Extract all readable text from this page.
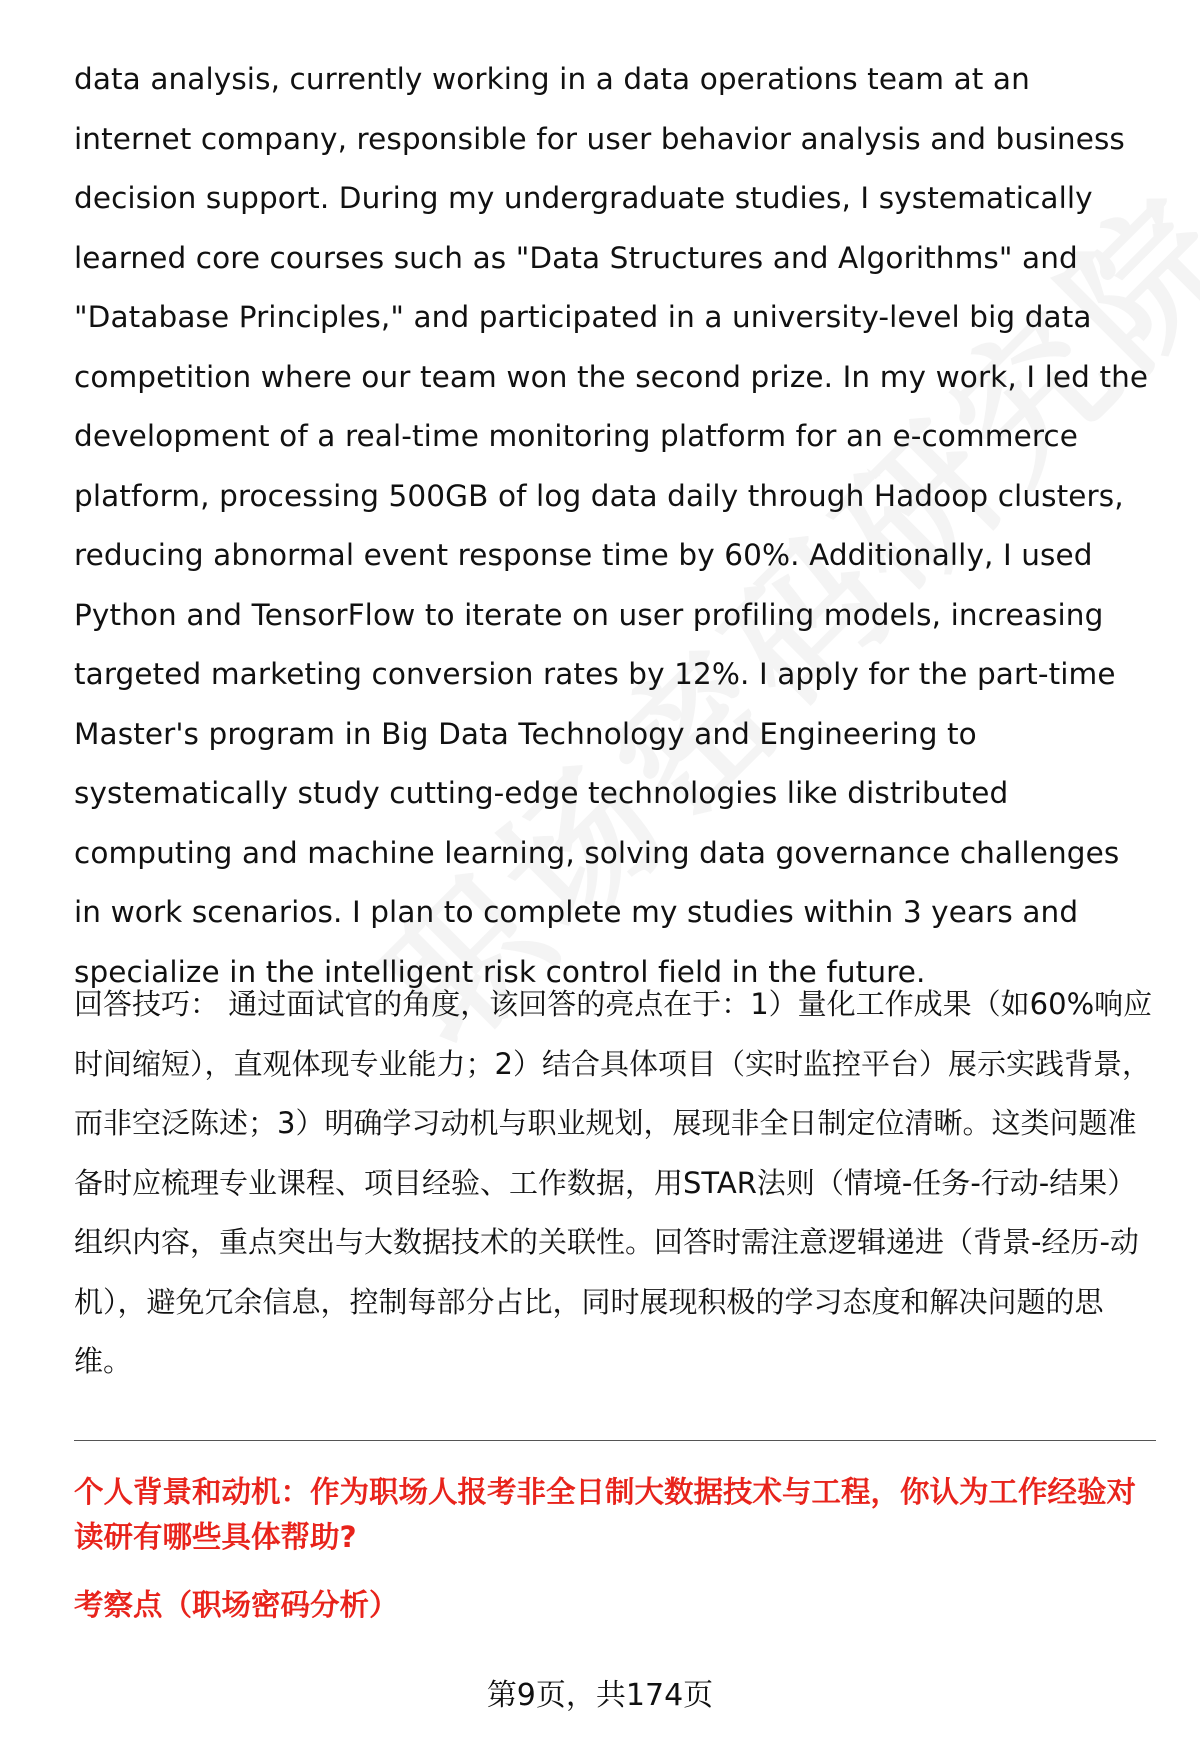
data analysis, currently working in a data operations team at an internet company, responsible for user behavior analysis and business decision support. During my undergraduate studies, I systematically learned core courses such as "Data Structures and Algorithms" and "Database Principles," and participated in a university-level big data competition where our team won the second prize. In my work, I led the development of a real-time monitoring platform for an e-commerce platform, processing 500GB of log data daily through Hadoop clusters, reducing abnormal event response time by 60%. Additionally, I used Python and TensorFlow to iterate on user profiling models, increasing targeted marketing conversion rates by 12%. I apply for the part-time Master's program in Big Data Technology and Engineering to systematically study cutting-edge technologies like distributed computing and machine learning, solving data governance challenges in work scenarios. I plan to complete my studies within 3 years and specialize in the intelligent risk control field in the future.

回答技巧： 通过面试官的角度，该回答的亮点在于：1）量化工作成果（如60%响应时间缩短），直观体现专业能力；2）结合具体项目（实时监控平台）展示实践背景，而非空泛陈述；3）明确学习动机与职业规划，展现非全日制定位清晰。这类问题准备时应梳理专业课程、项目经验、工作数据，用STAR法则（情境-任务-行动-结果）组织内容，重点突出与大数据技术的关联性。回答时需注意逻辑递进（背景-经历-动机），避免冗余信息，控制每部分占比，同时展现积极的学习态度和解决问题的思维。

个人背景和动机：作为职场人报考非全日制大数据技术与工程，你认为工作经验对读研有哪些具体帮助?

考察点（职场密码分析）

第9页，共174页
